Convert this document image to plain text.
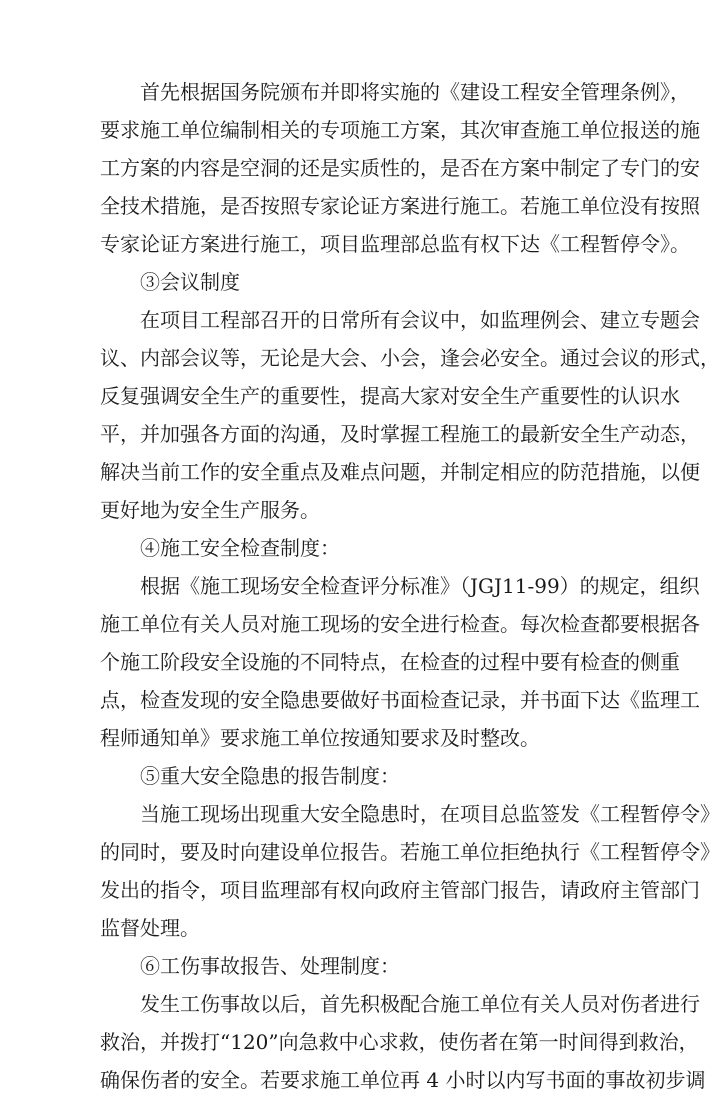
首先根据国务院颁布并即将实施的《建设工程安全管理条例》，
要求施工单位编制相关的专项施工方案，其次审查施工单位报送的施
工方案的内容是空洞的还是实质性的，是否在方案中制定了专门的安
全技术措施，是否按照专家论证方案进行施工。若施工单位没有按照
专家论证方案进行施工，项目监理部总监有权下达《工程暂停令》。
③会议制度
在项目工程部召开的日常所有会议中，如监理例会、建立专题会
议、内部会议等，无论是大会、小会，逢会必安全。通过会议的形式，
反复强调安全生产的重要性，提高大家对安全生产重要性的认识水
平，并加强各方面的沟通，及时掌握工程施工的最新安全生产动态，
解决当前工作的安全重点及难点问题，并制定相应的防范措施，以便
更好地为安全生产服务。
④施工安全检查制度：
根据《施工现场安全检查评分标准》（JGJ11-99）的规定，组织
施工单位有关人员对施工现场的安全进行检查。每次检查都要根据各
个施工阶段安全设施的不同特点，在检查的过程中要有检查的侧重
点，检查发现的安全隐患要做好书面检查记录，并书面下达《监理工
程师通知单》要求施工单位按通知要求及时整改。
⑤重大安全隐患的报告制度：
当施工现场出现重大安全隐患时，在项目总监签发《工程暂停令》
的同时，要及时向建设单位报告。若施工单位拒绝执行《工程暂停令》
发出的指令，项目监理部有权向政府主管部门报告，请政府主管部门
监督处理。
⑥工伤事故报告、处理制度：
发生工伤事故以后，首先积极配合施工单位有关人员对伤者进行
救治，并拨打“120”向急救中心求救，使伤者在第一时间得到救治，
确保伤者的安全。若要求施工单位再 4 小时以内写书面的事故初步调
